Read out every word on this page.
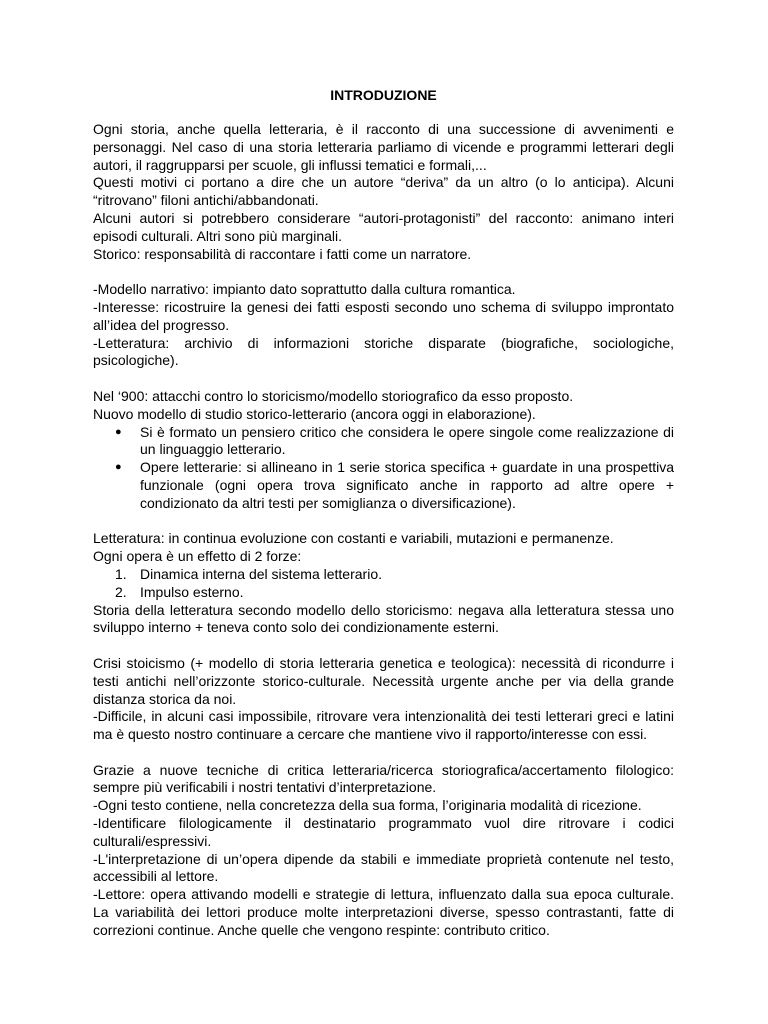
INTRODUZIONE

Ogni storia, anche quella letteraria, è il racconto di una successione di avvenimenti e personaggi. Nel caso di una storia letteraria parliamo di vicende e programmi letterari degli autori, il raggrupparsi per scuole, gli influssi tematici e formali,...

Questi motivi ci portano a dire che un autore “deriva” da un altro (o lo anticipa). Alcuni “ritrovano” filoni antichi/abbandonati.

Alcuni autori si potrebbero considerare “autori-protagonisti” del racconto: animano interi episodi culturali. Altri sono più marginali.

Storico: responsabilità di raccontare i fatti come un narratore.

-Modello narrativo: impianto dato soprattutto dalla cultura romantica.

-Interesse: ricostruire la genesi dei fatti esposti secondo uno schema di sviluppo improntato all’idea del progresso.

-Letteratura: archivio di informazioni storiche disparate (biografiche, sociologiche, psicologiche).

Nel ‘900: attacchi contro lo storicismo/modello storiografico da esso proposto.

Nuovo modello di studio storico-letterario (ancora oggi in elaborazione).

● Si è formato un pensiero critico che considera le opere singole come realizzazione di un linguaggio letterario.
● Opere letterarie: si allineano in 1 serie storica specifica + guardate in una prospettiva funzionale (ogni opera trova significato anche in rapporto ad altre opere + condizionato da altri testi per somiglianza o diversificazione).

Letteratura: in continua evoluzione con costanti e variabili, mutazioni e permanenze.

Ogni opera è un effetto di 2 forze:

1. Dinamica interna del sistema letterario.
2. Impulso esterno.

Storia della letteratura secondo modello dello storicismo: negava alla letteratura stessa uno sviluppo interno + teneva conto solo dei condizionamente esterni.

Crisi stoicismo (+ modello di storia letteraria genetica e teologica): necessità di ricondurre i testi antichi nell’orizzonte storico-culturale. Necessità urgente anche per via della grande distanza storica da noi.

-Difficile, in alcuni casi impossibile, ritrovare vera intenzionalità dei testi letterari greci e latini ma è questo nostro continuare a cercare che mantiene vivo il rapporto/interesse con essi.

Grazie a nuove tecniche di critica letteraria/ricerca storiografica/accertamento filologico: sempre più verificabili i nostri tentativi d’interpretazione.

-Ogni testo contiene, nella concretezza della sua forma, l’originaria modalità di ricezione.

-Identificare filologicamente il destinatario programmato vuol dire ritrovare i codici culturali/espressivi.

-L'interpretazione di un’opera dipende da stabili e immediate proprietà contenute nel testo, accessibili al lettore.

-Lettore: opera attivando modelli e strategie di lettura, influenzato dalla sua epoca culturale. La variabilità dei lettori produce molte interpretazioni diverse, spesso contrastanti, fatte di correzioni continue. Anche quelle che vengono respinte: contributo critico.
